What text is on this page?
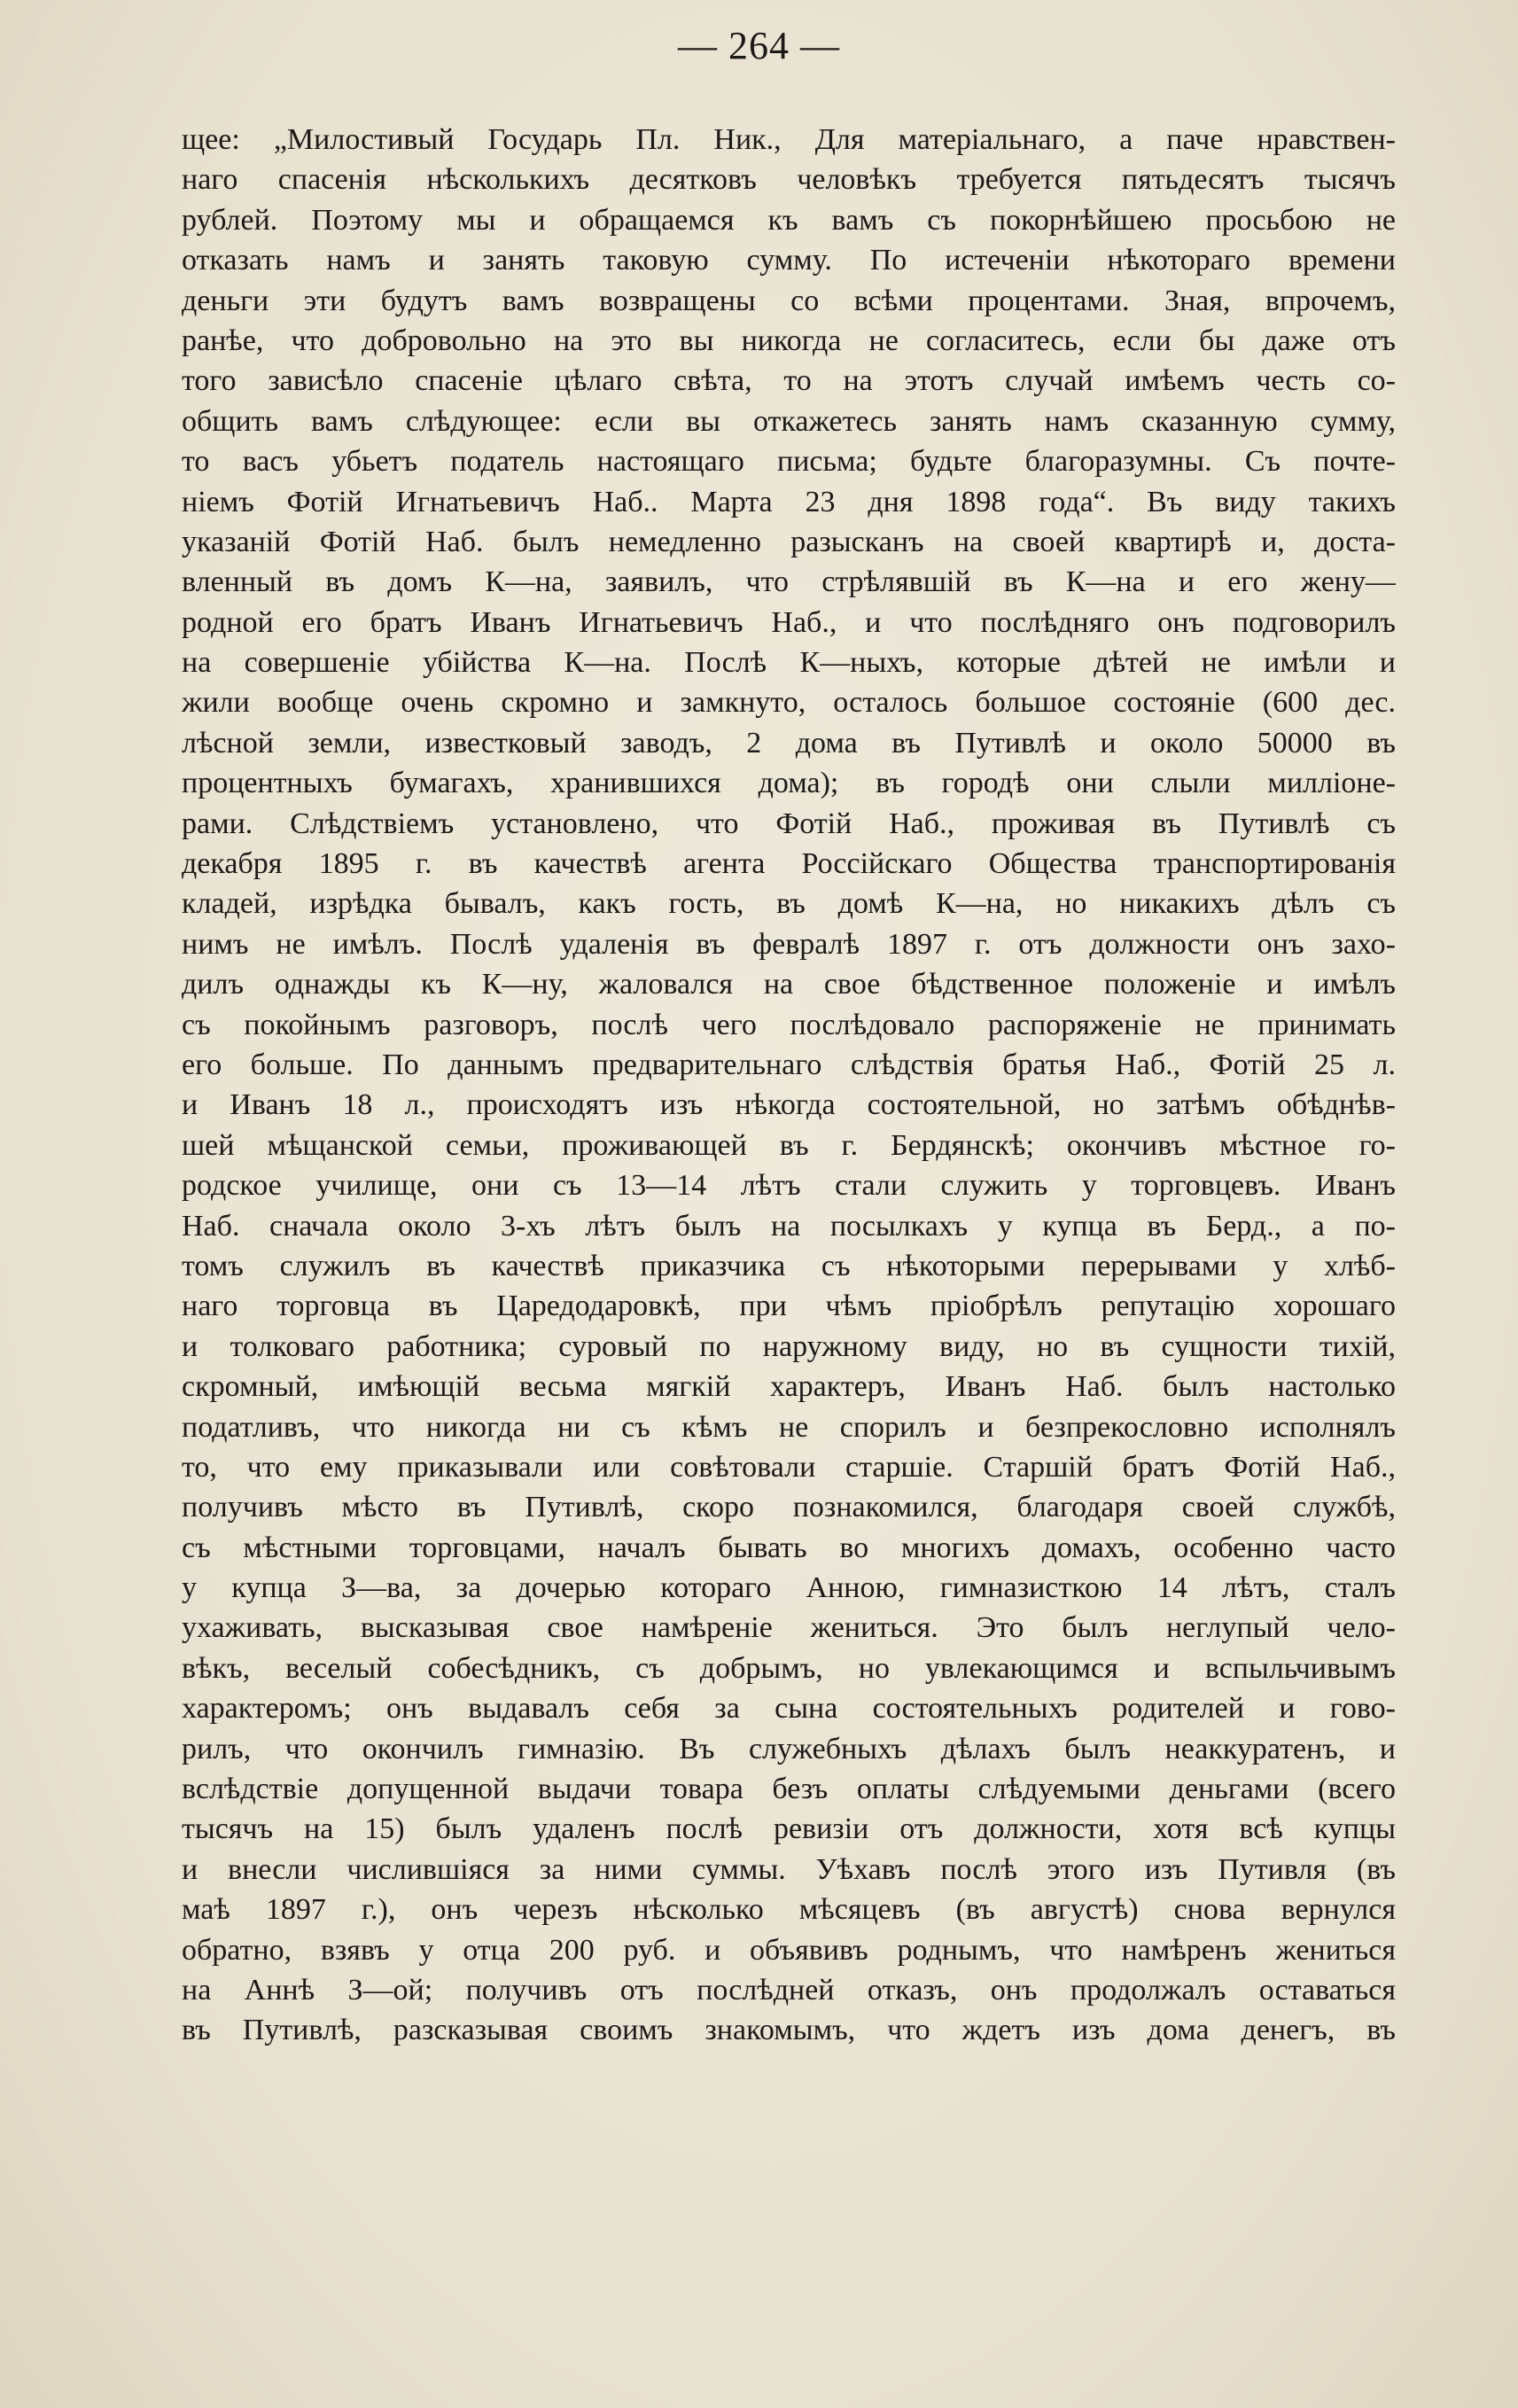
— 264 —
щее: „Милостивый Государь Пл. Ник., Для матеріальнаго, а паче нравствен-
наго спасенія нѣсколькихъ десятковъ человѣкъ требуется пятьдесятъ тысячъ
рублей. Поэтому мы и обращаемся къ вамъ съ покорнѣйшею просьбою не
отказать намъ и занять таковую сумму. По истеченіи нѣкотораго времени
деньги эти будутъ вамъ возвращены со всѣми процентами. Зная, впрочемъ,
ранѣе, что добровольно на это вы никогда не согласитесь, если бы даже отъ
того зависѣло спасеніе цѣлаго свѣта, то на этотъ случай имѣемъ честь со-
общить вамъ слѣдующее: если вы откажетесь занять намъ сказанную сумму,
то васъ убьетъ податель настоящаго письма; будьте благоразумны. Съ почте-
ніемъ Фотій Игнатьевичъ Наб.. Марта 23 дня 1898 года“. Въ виду такихъ
указаній Фотій Наб. былъ немедленно разысканъ на своей квартирѣ и, доста-
вленный въ домъ К—на, заявилъ, что стрѣлявшій въ К—на и его жену—
родной его братъ Иванъ Игнатьевичъ Наб., и что послѣдняго онъ подговорилъ
на совершеніе убійства К—на. Послѣ К—ныхъ, которые дѣтей не имѣли и
жили вообще очень скромно и замкнуто, осталось большое состояніе (600 дес.
лѣсной земли, известковый заводъ, 2 дома въ Путивлѣ и около 50000 въ
процентныхъ бумагахъ, хранившихся дома); въ городѣ они слыли милліоне-
рами. Слѣдствіемъ установлено, что Фотій Наб., проживая въ Путивлѣ съ
декабря 1895 г. въ качествѣ агента Россійскаго Общества транспортированія
кладей, изрѣдка бывалъ, какъ гость, въ домѣ К—на, но никакихъ дѣлъ съ
нимъ не имѣлъ. Послѣ удаленія въ февралѣ 1897 г. отъ должности онъ захо-
дилъ однажды къ К—ну, жаловался на свое бѣдственное положеніе и имѣлъ
съ покойнымъ разговоръ, послѣ чего послѣдовало распоряженіе не принимать
его больше. По даннымъ предварительнаго слѣдствія братья Наб., Фотій 25 л.
и Иванъ 18 л., происходятъ изъ нѣкогда состоятельной, но затѣмъ обѣднѣв-
шей мѣщанской семьи, проживающей въ г. Бердянскѣ; окончивъ мѣстное го-
родское училище, они съ 13—14 лѣтъ стали служить у торговцевъ. Иванъ
Наб. сначала около 3-хъ лѣтъ былъ на посылкахъ у купца въ Берд., а по-
томъ служилъ въ качествѣ приказчика съ нѣкоторыми перерывами у хлѣб-
наго торговца въ Царедодаровкѣ, при чѣмъ пріобрѣлъ репутацію хорошаго
и толковаго работника; суровый по наружному виду, но въ сущности тихій,
скромный, имѣющій весьма мягкій характеръ, Иванъ Наб. былъ настолько
податливъ, что никогда ни съ кѣмъ не спорилъ и безпрекословно исполнялъ
то, что ему приказывали или совѣтовали старшіе. Старшій братъ Фотій Наб.,
получивъ мѣсто въ Путивлѣ, скоро познакомился, благодаря своей службѣ,
съ мѣстными торговцами, началъ бывать во многихъ домахъ, особенно часто
у купца З—ва, за дочерью котораго Анною, гимназисткою 14 лѣтъ, сталъ
ухаживать, высказывая свое намѣреніе жениться. Это былъ неглупый чело-
вѣкъ, веселый собесѣдникъ, съ добрымъ, но увлекающимся и вспыльчивымъ
характеромъ; онъ выдавалъ себя за сына состоятельныхъ родителей и гово-
рилъ, что окончилъ гимназію. Въ служебныхъ дѣлахъ былъ неаккуратенъ, и
вслѣдствіе допущенной выдачи товара безъ оплаты слѣдуемыми деньгами (всего
тысячъ на 15) былъ удаленъ послѣ ревизіи отъ должности, хотя всѣ купцы
и внесли числившіяся за ними суммы. Уѣхавъ послѣ этого изъ Путивля (въ
маѣ 1897 г.), онъ черезъ нѣсколько мѣсяцевъ (въ августѣ) снова вернулся
обратно, взявъ у отца 200 руб. и объявивъ роднымъ, что намѣренъ жениться
на Аннѣ З—ой; получивъ отъ послѣдней отказъ, онъ продолжалъ оставаться
въ Путивлѣ, разсказывая своимъ знакомымъ, что ждетъ изъ дома денегъ, въ
